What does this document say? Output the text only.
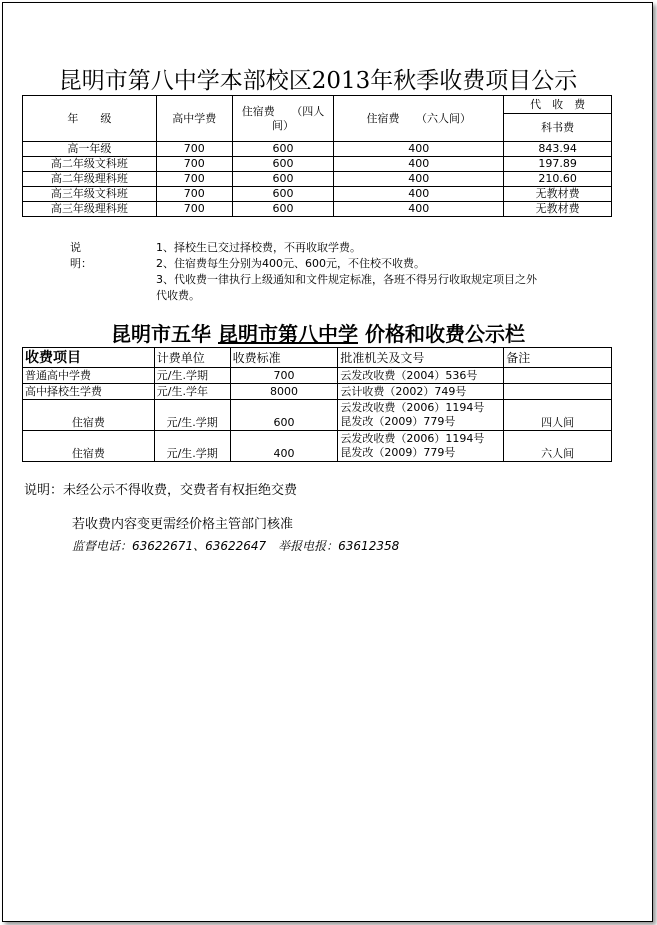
昆明市第八中学本部校区2013年秋季收费项目公示
年　　级	高中学费	住宿费　　（四人间）	住宿费　　（六人间）	代　收　费
				科书费
高一年级	700	600	400	843.94
高二年级文科班	700	600	400	197.89
高二年级理科班	700	600	400	210.60
高三年级文科班	700	600	400	无教材费
高三年级理科班	700	600	400	无教材费
说明：
1、择校生已交过择校费，不再收取学费。
2、住宿费每生分别为400元、600元，不住校不收费。
3、代收费一律执行上级通知和文件规定标准，各班不得另行收取规定项目之外
代收费。
昆明市五华 昆明市第八中学 价格和收费公示栏
收费项目	计费单位	收费标准	批准机关及文号	备注
普通高中学费	元/生.学期	700	云发改收费（2004）536号	
高中择校生学费	元/生.学年	8000	云计收费（2002）749号	
住宿费	元/生.学期	600	云发改收费（2006）1194号
昆发改（2009）779号	四人间
住宿费	元/生.学期	400	云发改收费（2006）1194号
昆发改（2009）779号	六人间
说明：未经公示不得收费，交费者有权拒绝交费
若收费内容变更需经价格主管部门核准
监督电话：63622671、63622647　举报电报：63612358
